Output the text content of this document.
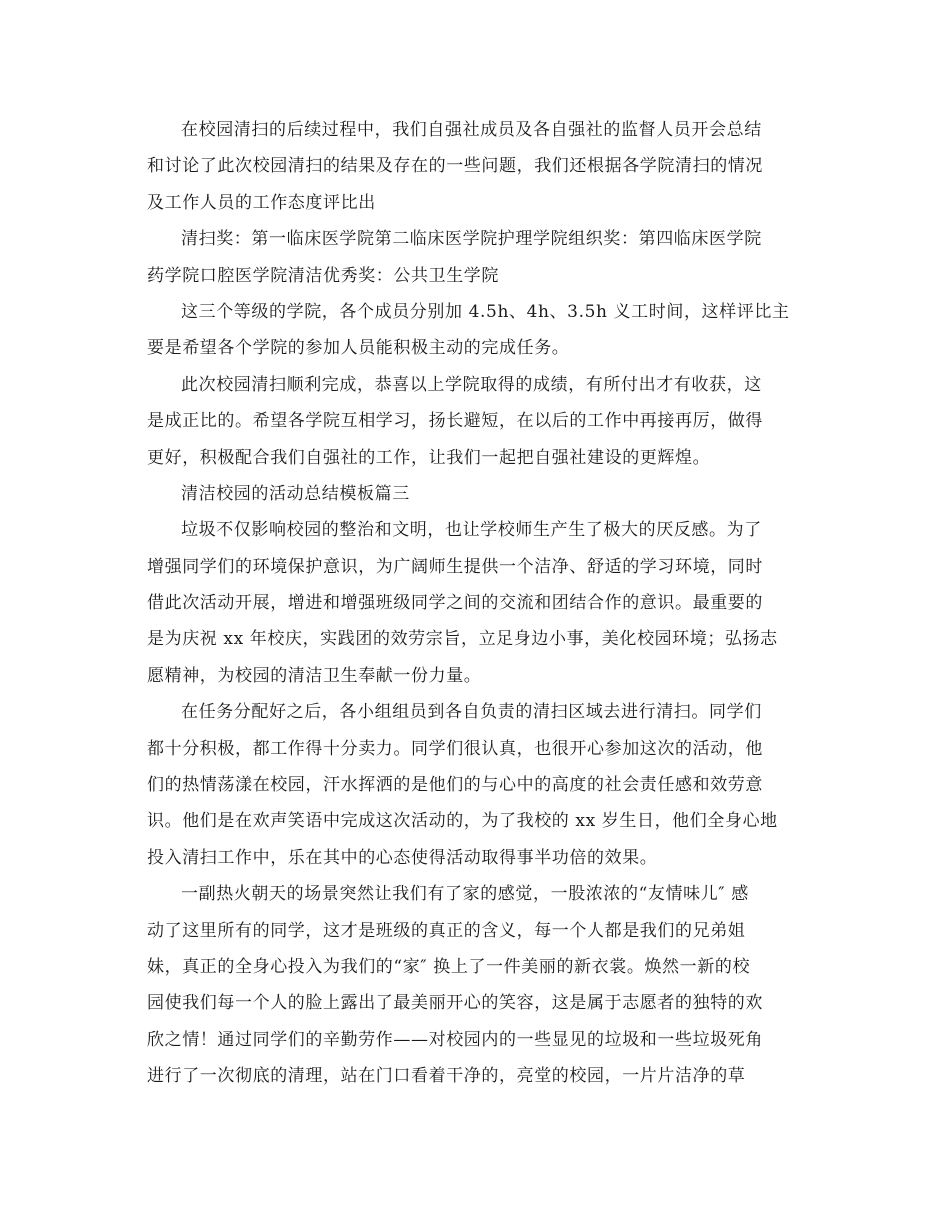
在校园清扫的后续过程中，我们自强社成员及各自强社的监督人员开会总结
和讨论了此次校园清扫的结果及存在的一些问题，我们还根据各学院清扫的情况
及工作人员的工作态度评比出
清扫奖：第一临床医学院第二临床医学院护理学院组织奖：第四临床医学院
药学院口腔医学院清洁优秀奖：公共卫生学院
这三个等级的学院，各个成员分别加 4.5h、4h、3.5h 义工时间，这样评比主
要是希望各个学院的参加人员能积极主动的完成任务。
此次校园清扫顺利完成，恭喜以上学院取得的成绩，有所付出才有收获，这
是成正比的。希望各学院互相学习，扬长避短，在以后的工作中再接再厉，做得
更好，积极配合我们自强社的工作，让我们一起把自强社建设的更辉煌。
清洁校园的活动总结模板篇三
垃圾不仅影响校园的整治和文明，也让学校师生产生了极大的厌反感。为了
增强同学们的环境保护意识，为广阔师生提供一个洁净、舒适的学习环境，同时
借此次活动开展，增进和增强班级同学之间的交流和团结合作的意识。最重要的
是为庆祝 xx 年校庆，实践团的效劳宗旨，立足身边小事，美化校园环境；弘扬志
愿精神，为校园的清洁卫生奉献一份力量。
在任务分配好之后，各小组组员到各自负责的清扫区域去进行清扫。同学们
都十分积极，都工作得十分卖力。同学们很认真，也很开心参加这次的活动，他
们的热情荡漾在校园，汗水挥洒的是他们的与心中的高度的社会责任感和效劳意
识。他们是在欢声笑语中完成这次活动的，为了我校的 xx 岁生日，他们全身心地
投入清扫工作中，乐在其中的心态使得活动取得事半功倍的效果。
一副热火朝天的场景突然让我们有了家的感觉，一股浓浓的“友情味儿″ 感
动了这里所有的同学，这才是班级的真正的含义，每一个人都是我们的兄弟姐
妹，真正的全身心投入为我们的“家″ 换上了一件美丽的新衣裳。焕然一新的校
园使我们每一个人的脸上露出了最美丽开心的笑容，这是属于志愿者的独特的欢
欣之情！通过同学们的辛勤劳作——对校园内的一些显见的垃圾和一些垃圾死角
进行了一次彻底的清理，站在门口看着干净的，亮堂的校园，一片片洁净的草
